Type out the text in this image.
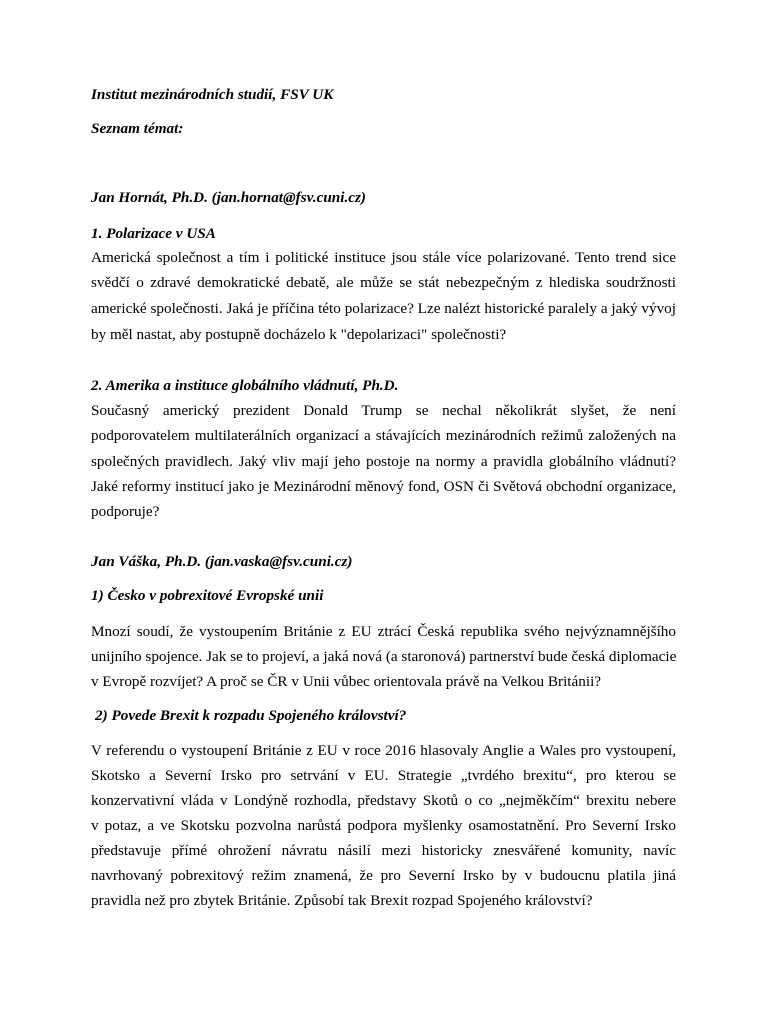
Institut mezinárodních studií, FSV UK

Seznam témat:

Jan Hornát, Ph.D. (jan.hornat@fsv.cuni.cz)

1. Polarizace v USA

Americká společnost a tím i politické instituce jsou stále více polarizované. Tento trend sice

svědčí o zdravé demokratické debatě, ale může se stát nebezpečným z hlediska soudržnosti

americké společnosti. Jaká je příčina této polarizace? Lze nalézt historické paralely a jaký vývoj

by měl nastat, aby postupně docházelo k "depolarizaci" společnosti?

2. Amerika a instituce globálního vládnutí, Ph.D.

Současný americký prezident Donald Trump se nechal několikrát slyšet, že není

podporovatelem multilaterálních organizací a stávajících mezinárodních režimů založených na

společných pravidlech. Jaký vliv mají jeho postoje na normy a pravidla globálního vládnutí?

Jaké reformy institucí jako je Mezinárodní měnový fond, OSN či Světová obchodní organizace,

podporuje?

Jan Váška, Ph.D. (jan.vaska@fsv.cuni.cz)

1) Česko v pobrexitové Evropské unii

Mnozí soudí, že vystoupením Británie z EU ztrácí Česká republika svého nejvýznamnějšího

unijního spojence. Jak se to projeví, a jaká nová (a staronová) partnerství bude česká diplomacie

v Evropě rozvíjet? A proč se ČR v Unii vůbec orientovala právě na Velkou Británii?

2) Povede Brexit k rozpadu Spojeného království?

V referendu o vystoupení Británie z EU v roce 2016 hlasovaly Anglie a Wales pro vystoupení,

Skotsko a Severní Irsko pro setrvání v EU. Strategie „tvrdého brexitu“, pro kterou se

konzervativní vláda v Londýně rozhodla, představy Skotů o co „nejměkčím“ brexitu nebere

v potaz, a ve Skotsku pozvolna narůstá podpora myšlenky osamostatnění. Pro Severní Irsko

představuje přímé ohrožení návratu násilí mezi historicky znesvářené komunity, navíc

navrhovaný pobrexitový režim znamená, že pro Severní Irsko by v budoucnu platila jiná

pravidla než pro zbytek Británie. Způsobí tak Brexit rozpad Spojeného království?
